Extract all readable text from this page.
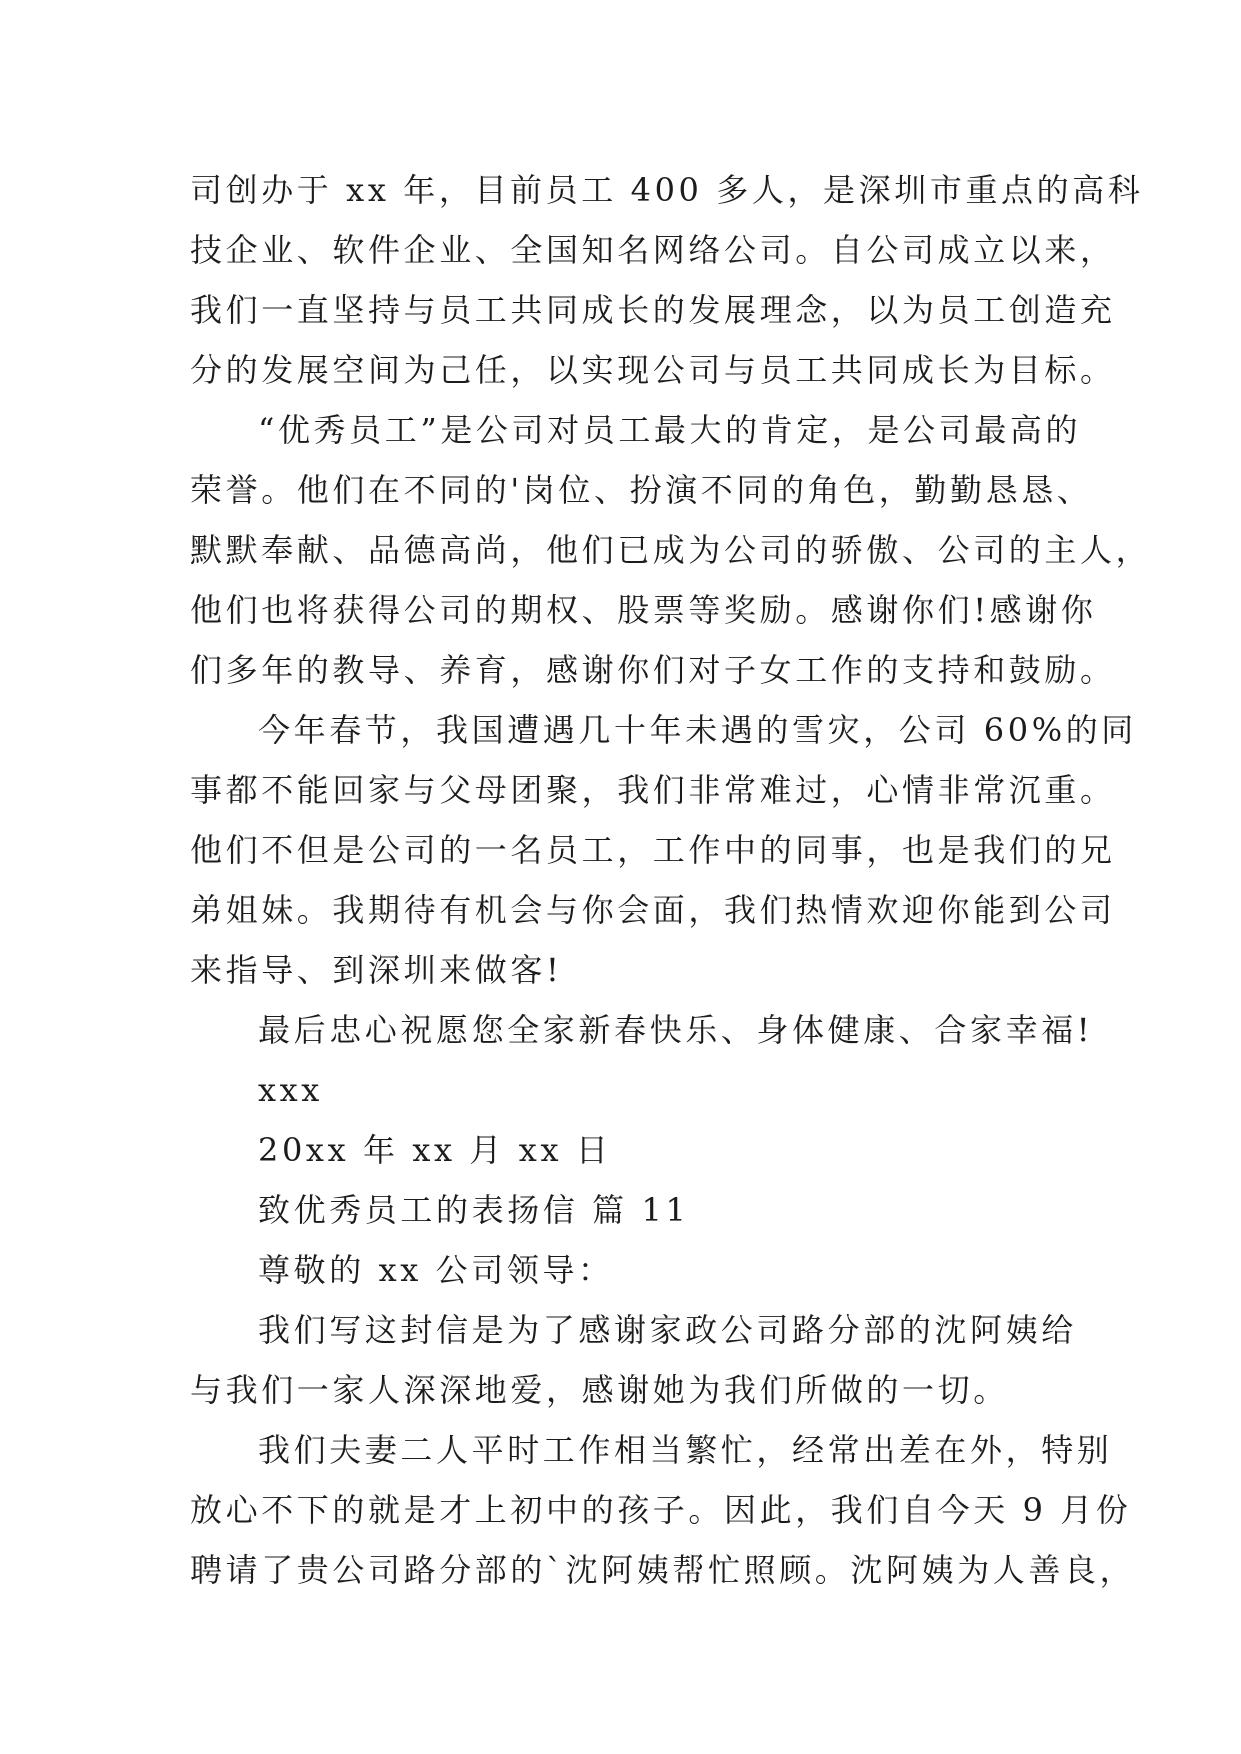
司创办于 xx 年，目前员工 400 多人，是深圳市重点的高科
技企业、软件企业、全国知名网络公司。自公司成立以来，
我们一直坚持与员工共同成长的发展理念，以为员工创造充
分的发展空间为己任，以实现公司与员工共同成长为目标。
“优秀员工”是公司对员工最大的肯定，是公司最高的
荣誉。他们在不同的'岗位、扮演不同的角色，勤勤恳恳、
默默奉献、品德高尚，他们已成为公司的骄傲、公司的主人，
他们也将获得公司的期权、股票等奖励。感谢你们!感谢你
们多年的教导、养育，感谢你们对子女工作的支持和鼓励。
今年春节，我国遭遇几十年未遇的雪灾，公司 60%的同
事都不能回家与父母团聚，我们非常难过，心情非常沉重。
他们不但是公司的一名员工，工作中的同事，也是我们的兄
弟姐妹。我期待有机会与你会面，我们热情欢迎你能到公司
来指导、到深圳来做客!
最后忠心祝愿您全家新春快乐、身体健康、合家幸福!
xxx
20xx 年 xx 月 xx 日
致优秀员工的表扬信 篇 11
尊敬的 xx 公司领导：
我们写这封信是为了感谢家政公司路分部的沈阿姨给
与我们一家人深深地爱，感谢她为我们所做的一切。
我们夫妻二人平时工作相当繁忙，经常出差在外，特别
放心不下的就是才上初中的孩子。因此，我们自今天 9 月份
聘请了贵公司路分部的`沈阿姨帮忙照顾。沈阿姨为人善良，
